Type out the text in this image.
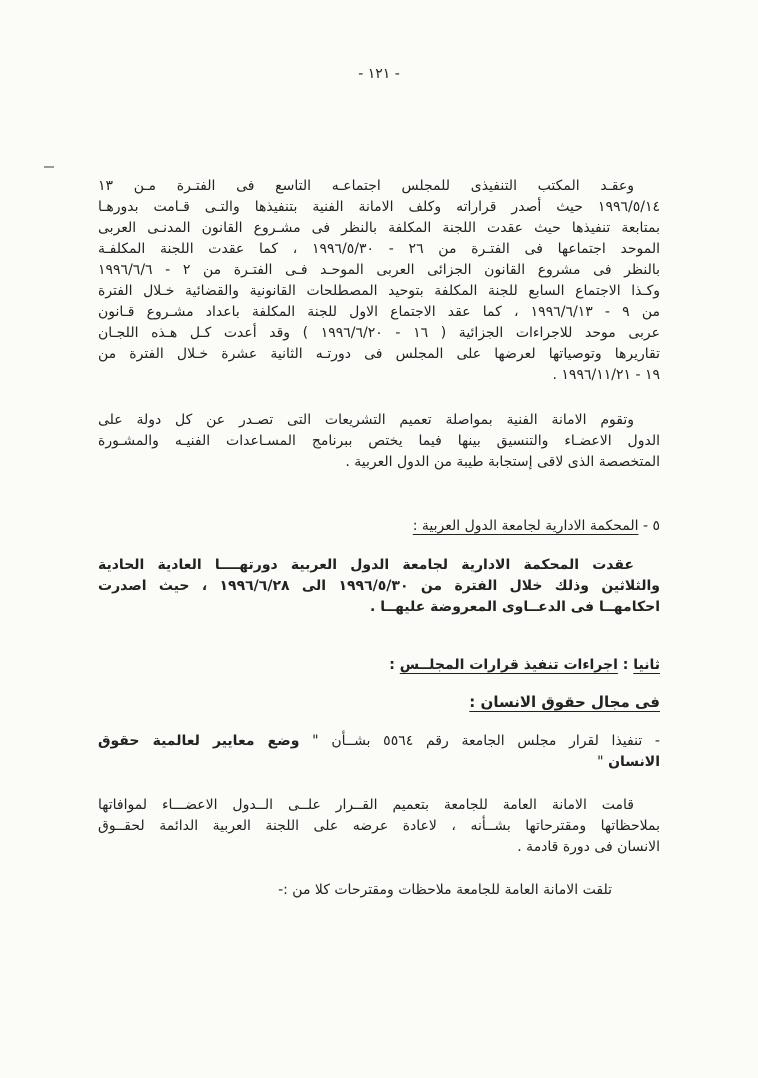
- ١٢١ -
وعقـد المكتب التنفيذى للمجلس اجتماعـه التاسع فى الفتـرة مـن ١٣
١٩٩٦/٥/١٤ حيث أصدر قراراته وكلف الامانة الفنية بتنفيذها والتـى قـامت بدورهـا
بمتابعة تنفيذها حيث عقدت اللجنة المكلفة بالنظر فى مشـروع القانون المدنـى العربى
الموحد اجتماعها فى الفتـرة من ٢٦ - ١٩٩٦/٥/٣٠ ، كما عقدت اللجنة المكلفـة
بالنظر فى مشروع القانون الجزائى العربى الموحـد فـى الفتـرة من ٢ - ١٩٩٦/٦/٦
وكـذا الاجتماع السابع للجنة المكلفة بتوحيد المصطلحات القانونية والقضائية خـلال الفترة
من ٩ - ١٩٩٦/٦/١٣ ، كما عقد الاجتماع الاول للجنة المكلفة باعداد مشـروع قـانون
عربى موحد للاجراءات الجزائية ( ١٦ - ١٩٩٦/٦/٢٠ ) وقد أعدت كـل هـذه اللجـان
تقاريرها وتوصياتها لعرضها على المجلس فى دورتـه الثانية عشرة خـلال الفترة من
١٩ - ١٩٩٦/١١/٢١ .
وتقوم الامانة الفنية بمواصلة تعميم التشريعات التى تصـدر عن كل دولة على
الدول الاعضـاء والتنسيق بينها فيما يختص ببرنامج المسـاعدات الفنيـه والمشـورة
المتخصصة الذى لاقى إستجابة طيبة من الدول العربية .
٥ - المحكمة الادارية لجامعة الدول العربية :
عقدت المحكمة الادارية لجامعة الدول العربية دورتهــــا العادية الحادية
والثلاثين وذلك خلال الفترة من ١٩٩٦/٥/٣٠ الى ١٩٩٦/٦/٢٨ ، حيث اصدرت
احكامهــا فى الدعــاوى المعروضة عليهــا .
ثانيا : اجراءات تنفيذ قرارات المجلــس :
فى مجال حقوق الانسان :
- تنفيذا لقرار مجلس الجامعة رقم ٥٥٦٤ بشــأن " وضع معايير لعالمية حقوق
الانسان "
قامت الامانة العامة للجامعة بتعميم القــرار علــى الــدول الاعضـــاء لموافاتها
بملاحظاتها ومقترحاتها بشــأنه ، لاعادة عرضه على اللجنة العربية الدائمة لحقــوق
الانسان فى دورة قادمة .
تلقت الامانة العامة للجامعة ملاحظات ومقترحات كلا من :-
